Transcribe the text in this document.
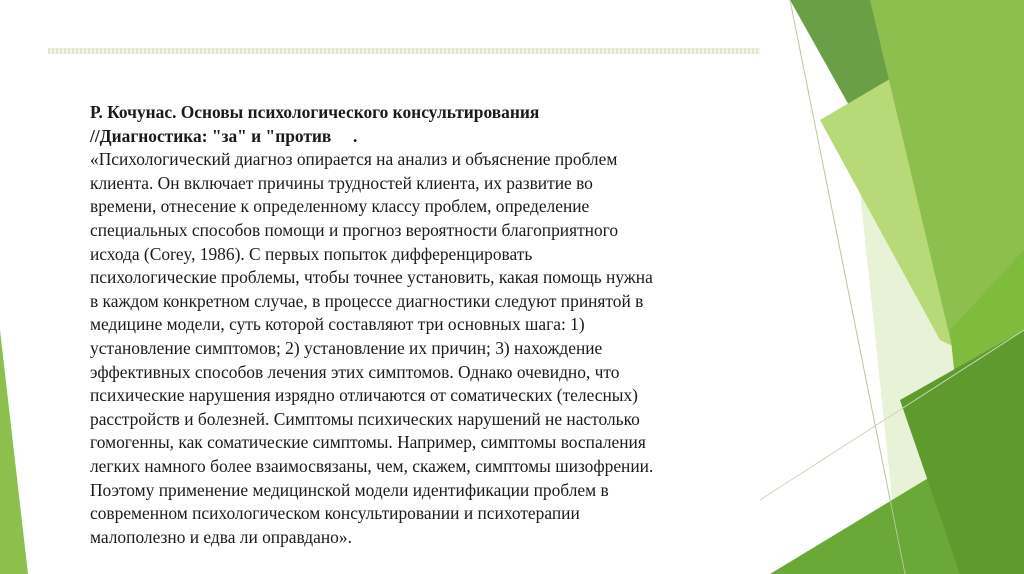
Р. Кочунас. Основы психологического консультирования
//Диагностика: "за" и "против     .
«Психологический диагноз опирается на анализ и объяснение проблем
клиента. Он включает причины трудностей клиента, их развитие во
времени, отнесение к определенному классу проблем, определение
специальных способов помощи и прогноз вероятности благоприятного
исхода (Corey, 1986). С первых попыток дифференцировать
психологические проблемы, чтобы точнее установить, какая помощь нужна
в каждом конкретном случае, в процессе диагностики следуют принятой в
медицине модели, суть которой составляют три основных шага: 1)
установление симптомов; 2) установление их причин; 3) нахождение
эффективных способов лечения этих симптомов. Однако очевидно, что
психические нарушения изрядно отличаются от соматических (телесных)
расстройств и болезней. Симптомы психических нарушений не настолько
гомогенны, как соматические симптомы. Например, симптомы воспаления
легких намного более взаимосвязаны, чем, скажем, симптомы шизофрении.
Поэтому применение медицинской модели идентификации проблем в
современном психологическом консультировании и психотерапии
малополезно и едва ли оправдано».
